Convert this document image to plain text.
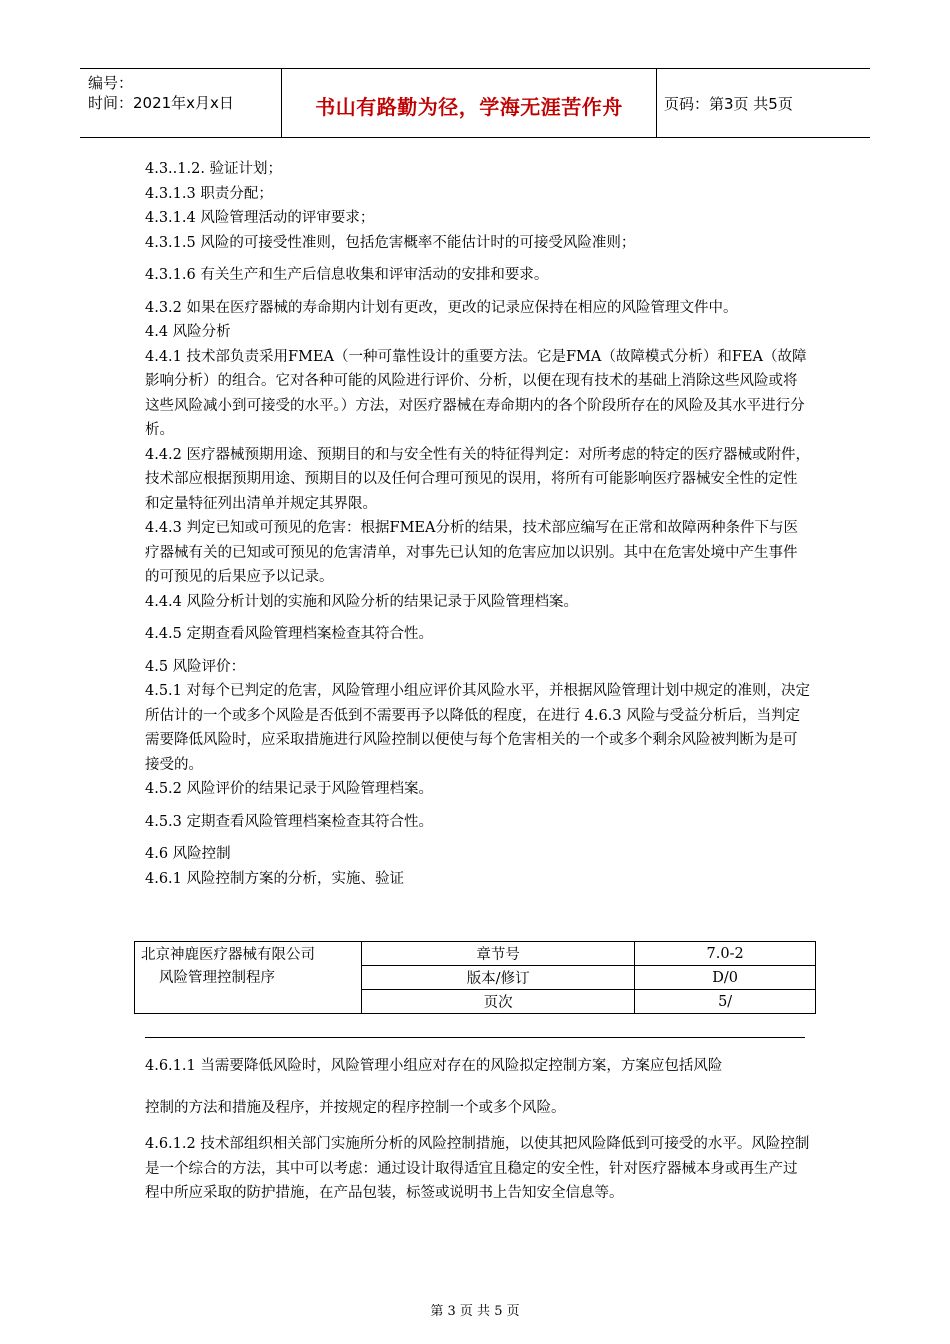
编号：
时间：2021年x月x日	书山有路勤为径，学海无涯苦作舟	页码：第3页 共5页

4.3..1.2. 验证计划；

4.3.1.3 职责分配；

4.3.1.4 风险管理活动的评审要求；

4.3.1.5 风险的可接受性准则，包括危害概率不能估计时的可接受风险准则；

4.3.1.6 有关生产和生产后信息收集和评审活动的安排和要求。

4.3.2 如果在医疗器械的寿命期内计划有更改，更改的记录应保持在相应的风险管理文件中。

4.4 风险分析

4.4.1 技术部负责采用FMEA（一种可靠性设计的重要方法。它是FMA（故障模式分析）和FEA（故障影响分析）的组合。它对各种可能的风险进行评价、分析，以便在现有技术的基础上消除这些风险或将这些风险减小到可接受的水平。）方法，对医疗器械在寿命期内的各个阶段所存在的风险及其水平进行分析。

4.4.2 医疗器械预期用途、预期目的和与安全性有关的特征得判定：对所考虑的特定的医疗器械或附件，技术部应根据预期用途、预期目的以及任何合理可预见的误用，将所有可能影响医疗器械安全性的定性和定量特征列出清单并规定其界限。

4.4.3 判定已知或可预见的危害：根据FMEA分析的结果，技术部应编写在正常和故障两种条件下与医疗器械有关的已知或可预见的危害清单，对事先已认知的危害应加以识别。其中在危害处境中产生事件的可预见的后果应予以记录。

4.4.4 风险分析计划的实施和风险分析的结果记录于风险管理档案。

4.4.5 定期查看风险管理档案检查其符合性。

4.5 风险评价：

4.5.1 对每个已判定的危害，风险管理小组应评价其风险水平，并根据风险管理计划中规定的准则，决定所估计的一个或多个风险是否低到不需要再予以降低的程度，在进行 4.6.3 风险与受益分析后，当判定需要降低风险时，应采取措施进行风险控制以便使与每个危害相关的一个或多个剩余风险被判断为是可接受的。

4.5.2 风险评价的结果记录于风险管理档案。

4.5.3 定期查看风险管理档案检查其符合性。

4.6 风险控制

4.6.1 风险控制方案的分析，实施、验证

北京神鹿医疗器械有限公司
风险管理控制程序	章节号	7.0-2
	版本/修订	D/0
	页次	5/

4.6.1.1 当需要降低风险时，风险管理小组应对存在的风险拟定控制方案，方案应包括风险

控制的方法和措施及程序，并按规定的程序控制一个或多个风险。

4.6.1.2 技术部组织相关部门实施所分析的风险控制措施，以使其把风险降低到可接受的水平。风险控制是一个综合的方法，其中可以考虑：通过设计取得适宜且稳定的安全性，针对医疗器械本身或再生产过程中所应采取的防护措施，在产品包装，标签或说明书上告知安全信息等。

第 3 页 共 5 页
